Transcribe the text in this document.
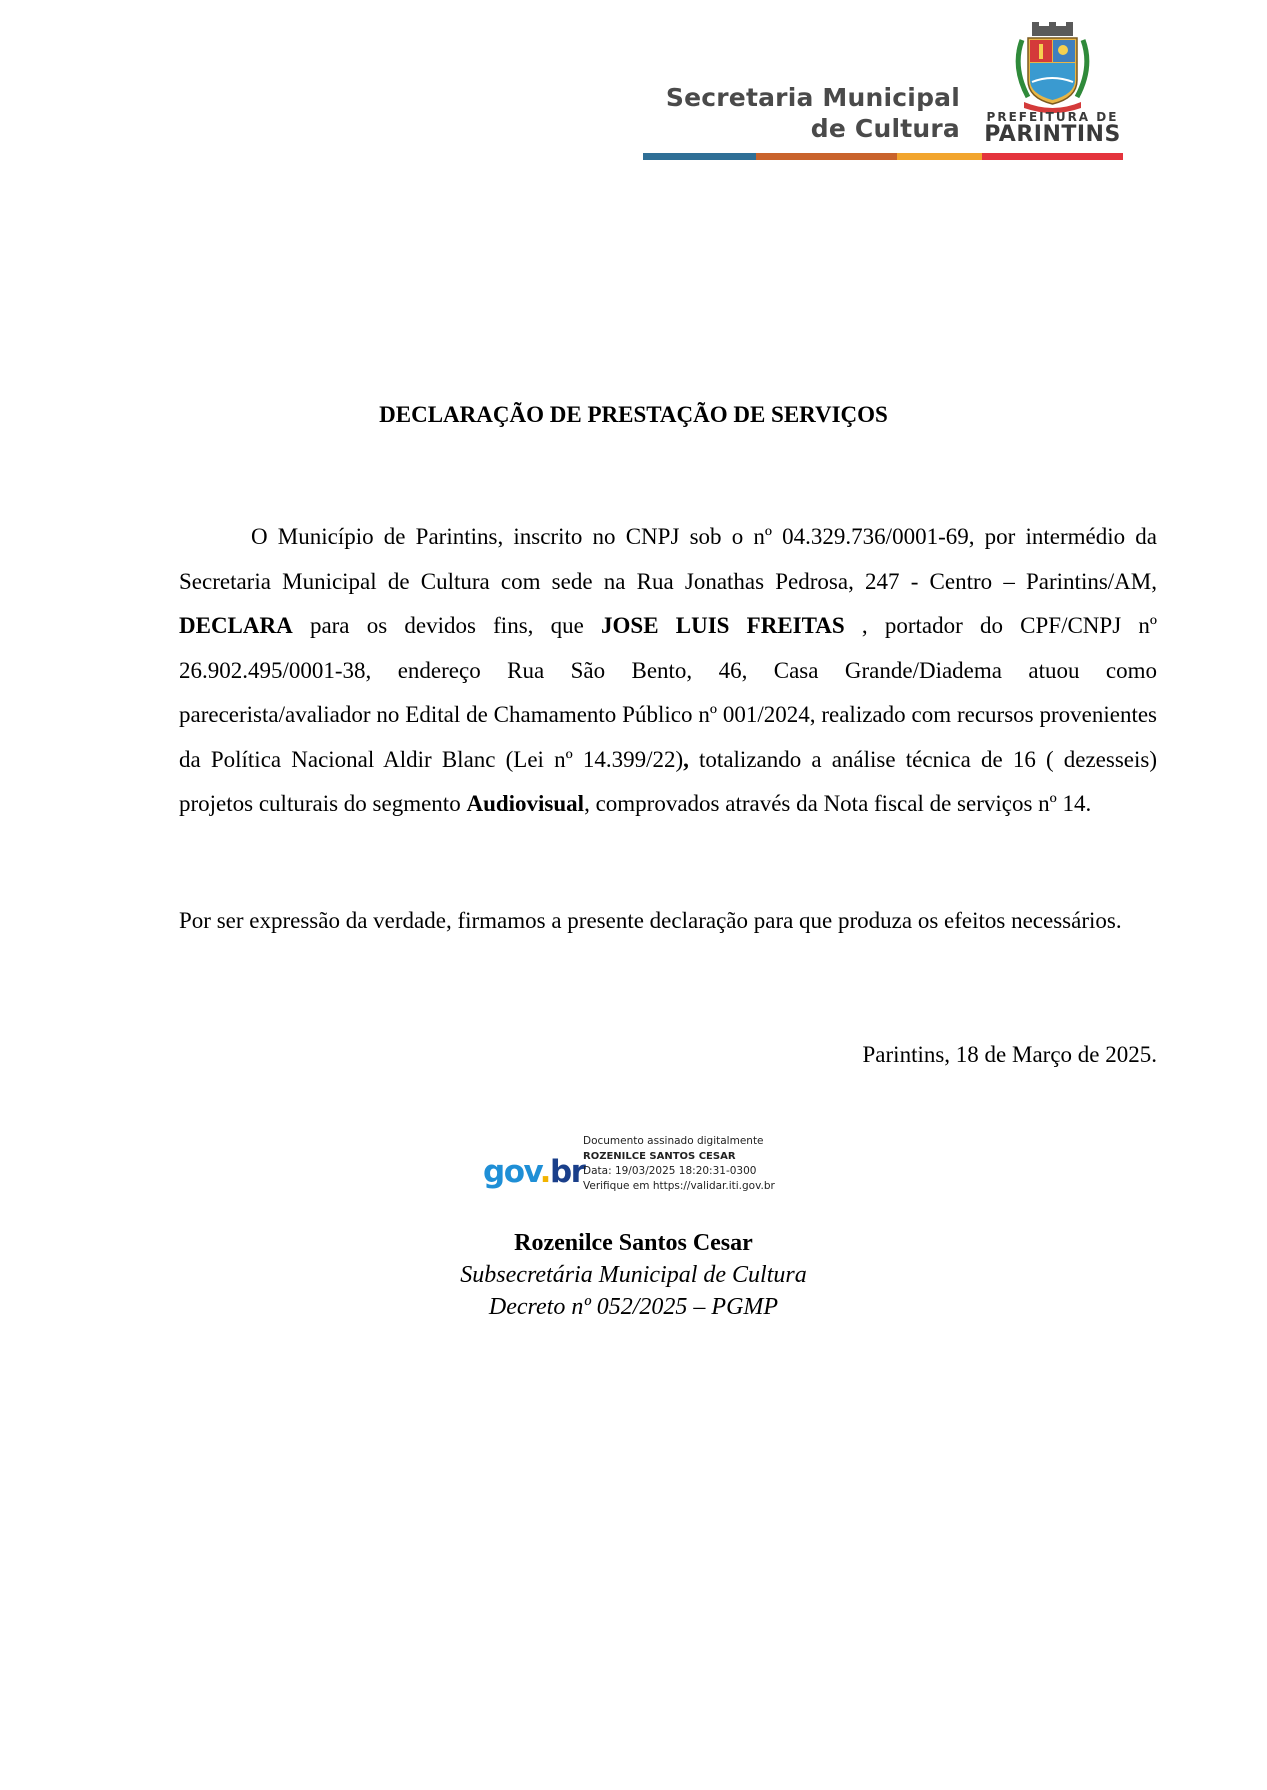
Secretaria Municipal
de Cultura	PREFEITURA DE
PARINTINS
DECLARAÇÃO DE PRESTAÇÃO DE SERVIÇOS

O Município de Parintins, inscrito no CNPJ sob o nº 04.329.736/0001-69, por intermédio da Secretaria Municipal de Cultura com sede na Rua Jonathas Pedrosa, 247 - Centro – Parintins/AM, DECLARA para os devidos fins, que JOSE LUIS FREITAS , portador do CPF/CNPJ nº 26.902.495/0001-38, endereço Rua São Bento, 46, Casa Grande/Diadema atuou como parecerista/avaliador no Edital de Chamamento Público nº 001/2024, realizado com recursos provenientes da Política Nacional Aldir Blanc (Lei nº 14.399/22), totalizando a análise técnica de 16 ( dezesseis) projetos culturais do segmento Audiovisual, comprovados através da Nota fiscal de serviços nº 14.

Por ser expressão da verdade, firmamos a presente declaração para que produza os efeitos necessários.

Parintins, 18 de Março de 2025.
gov.br
Documento assinado digitalmente
ROZENILCE SANTOS CESAR
Data: 19/03/2025 18:20:31-0300
Verifique em https://validar.iti.gov.br
Rozenilce Santos Cesar
Subsecretária Municipal de Cultura
Decreto nº 052/2025 – PGMP
